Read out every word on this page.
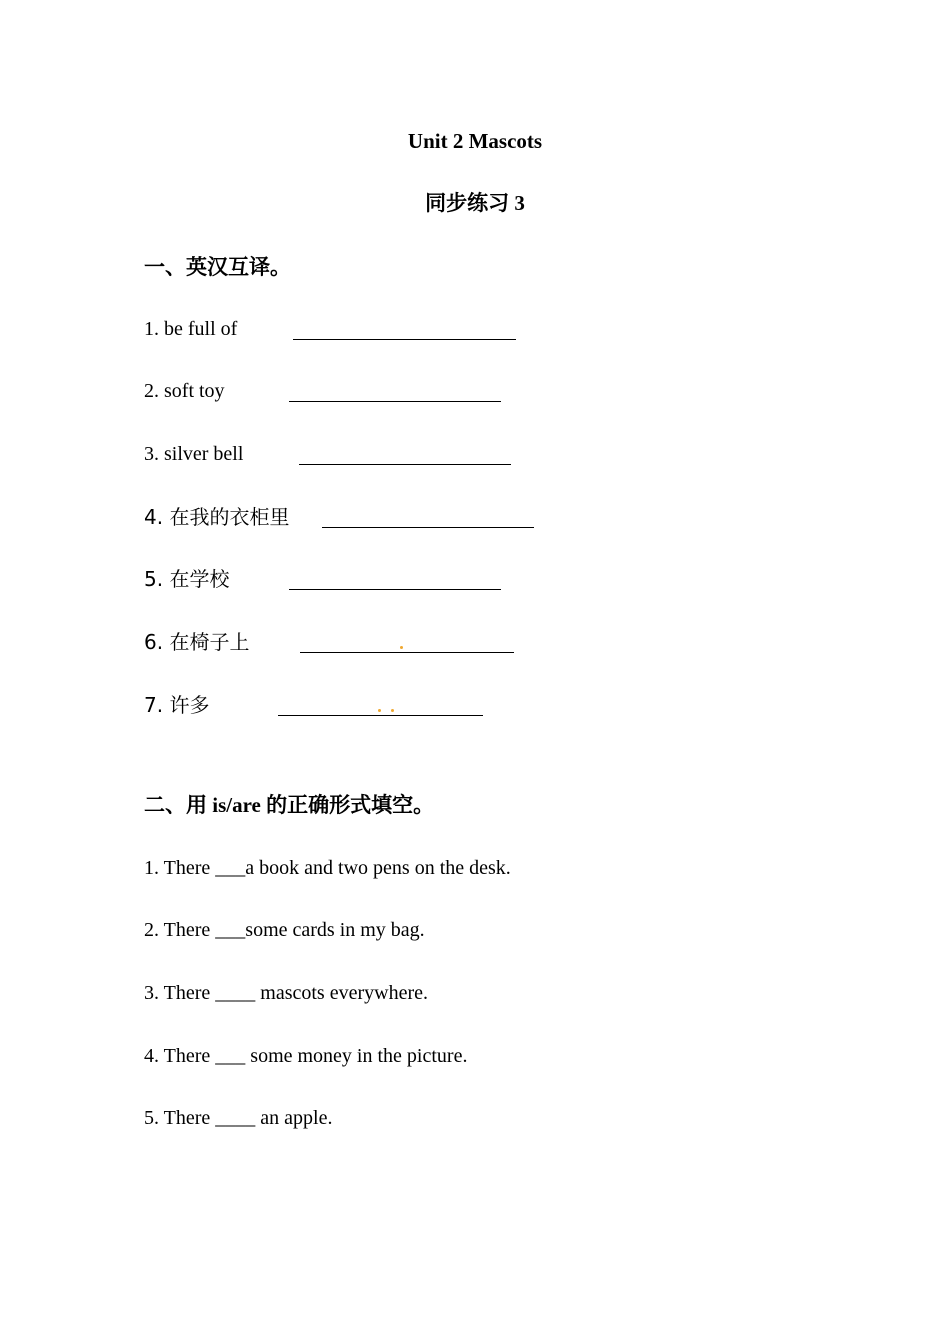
Unit 2 Mascots
同步练习 3
一、英汉互译。
1. be full of
2. soft toy
3. silver bell
4. 在我的衣柜里
5. 在学校
6. 在椅子上
7. 许多
二、用 is/are 的正确形式填空。
1. There ___a book and two pens on the desk.
2. There ___some cards in my bag.
3. There ____ mascots everywhere.
4. There ___ some money in the picture.
5. There ____ an apple.
